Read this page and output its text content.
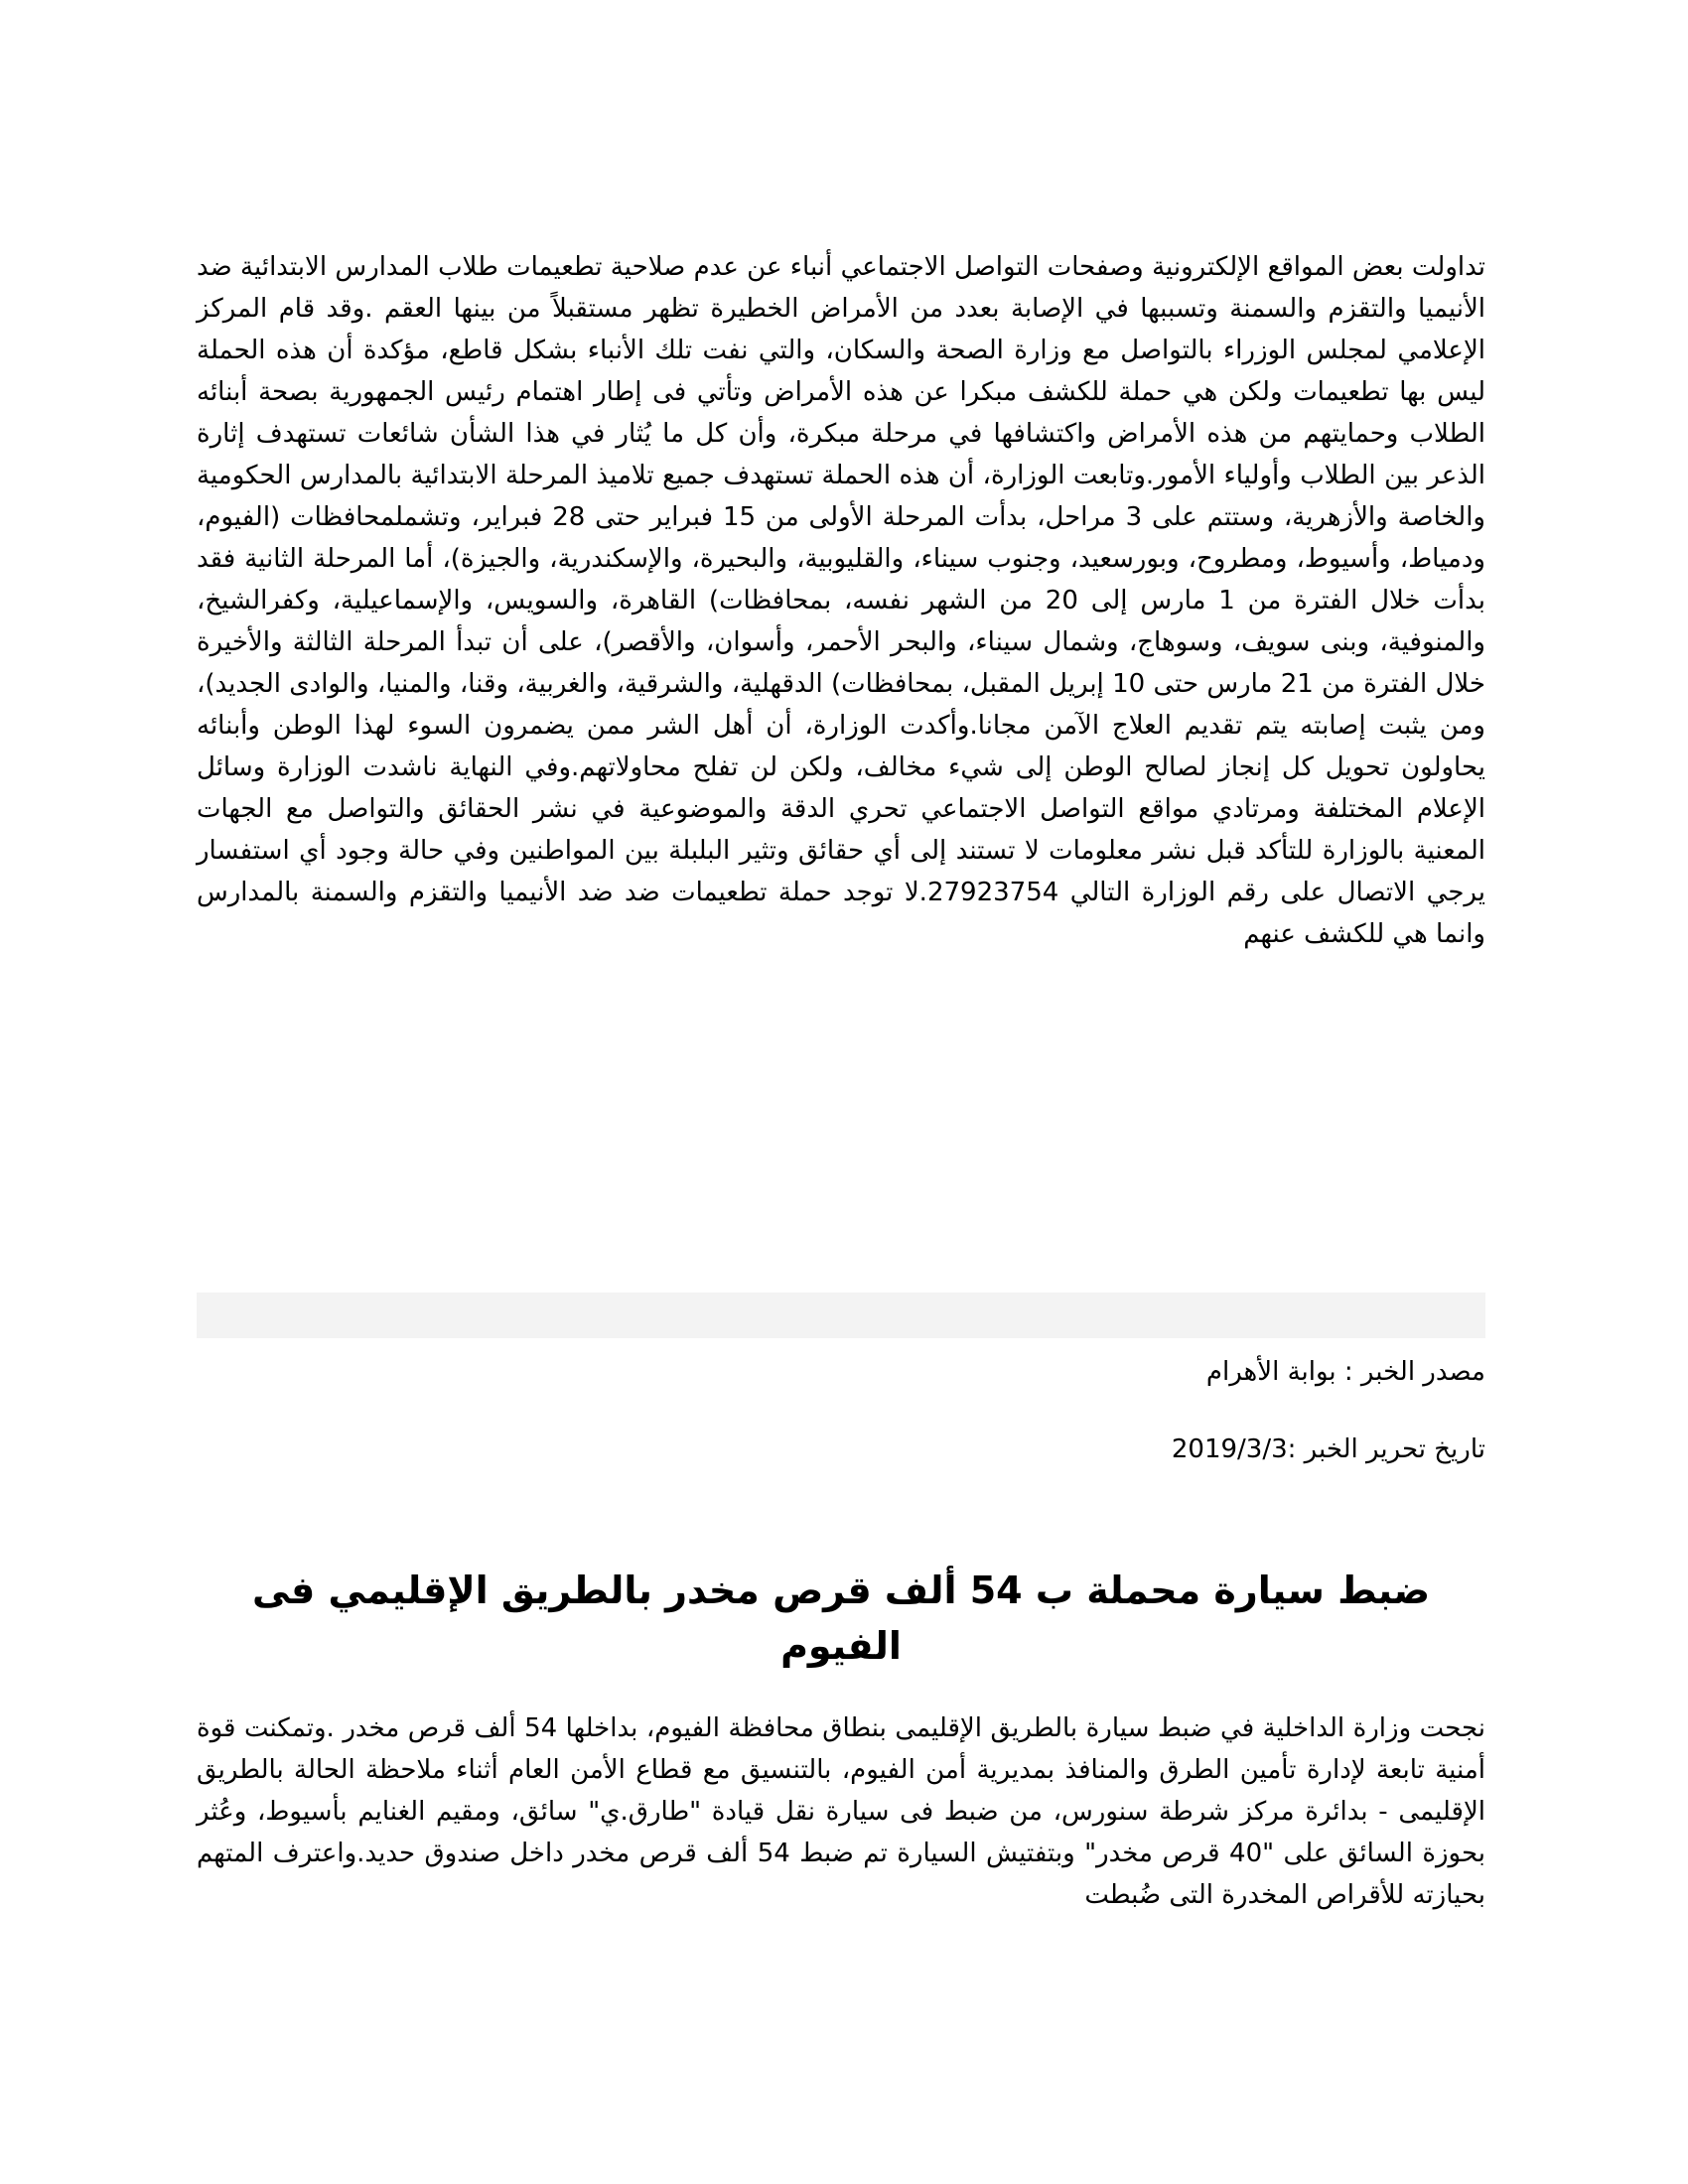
تداولت بعض المواقع الإلكترونية وصفحات التواصل الاجتماعي أنباء عن عدم صلاحية تطعيمات طلاب المدارس الابتدائية ضد الأنيميا والتقزم والسمنة وتسببها في الإصابة بعدد من الأمراض الخطيرة تظهر مستقبلاً من بينها العقم .وقد قام المركز الإعلامي لمجلس الوزراء بالتواصل مع وزارة الصحة والسكان، والتي نفت تلك الأنباء بشكل قاطع، مؤكدة أن هذه الحملة ليس بها تطعيمات ولكن هي حملة للكشف مبكرا عن هذه الأمراض وتأتي فى إطار اهتمام رئيس الجمهورية بصحة أبنائه الطلاب وحمايتهم من هذه الأمراض واكتشافها في مرحلة مبكرة، وأن كل ما يُثار في هذا الشأن شائعات تستهدف إثارة الذعر بين الطلاب وأولياء الأمور.وتابعت الوزارة، أن هذه الحملة تستهدف جميع تلاميذ المرحلة الابتدائية بالمدارس الحكومية والخاصة والأزهرية، وستتم على 3 مراحل، بدأت المرحلة الأولى من 15 فبراير حتى 28 فبراير، وتشملمحافظات (الفيوم، ودمياط، وأسيوط، ومطروح، وبورسعيد، وجنوب سيناء، والقليوبية، والبحيرة، والإسكندرية، والجيزة)، أما المرحلة الثانية فقد بدأت خلال الفترة من 1 مارس إلى 20 من الشهر نفسه، بمحافظات) القاهرة، والسويس، والإسماعيلية، وكفرالشيخ، والمنوفية، وبنى سويف، وسوهاج، وشمال سيناء، والبحر الأحمر، وأسوان، والأقصر)، على أن تبدأ المرحلة الثالثة والأخيرة خلال الفترة من 21 مارس حتى 10 إبريل المقبل، بمحافظات) الدقهلية، والشرقية، والغربية، وقنا، والمنيا، والوادى الجديد)، ومن يثبت إصابته يتم تقديم العلاج الآمن مجانا.وأكدت الوزارة، أن أهل الشر ممن يضمرون السوء لهذا الوطن وأبنائه يحاولون تحويل كل إنجاز لصالح الوطن إلى شيء مخالف، ولكن لن تفلح محاولاتهم.وفي النهاية ناشدت الوزارة وسائل الإعلام المختلفة ومرتادي مواقع التواصل الاجتماعي تحري الدقة والموضوعية في نشر الحقائق والتواصل مع الجهات المعنية بالوزارة للتأكد قبل نشر معلومات لا تستند إلى أي حقائق وتثير البلبلة بين المواطنين وفي حالة وجود أي استفسار يرجي الاتصال على رقم الوزارة التالي 27923754.لا توجد حملة تطعيمات ضد ضد الأنيميا والتقزم والسمنة بالمدارس وانما هي للكشف عنهم

مصدر الخبر : بوابة الأهرام

تاريخ تحرير الخبر :2019/3/3

ضبط سيارة محملة ب 54 ألف قرص مخدر بالطريق الإقليمي فى الفيوم

نجحت وزارة الداخلية في ضبط سيارة بالطريق الإقليمى بنطاق محافظة الفيوم، بداخلها 54 ألف قرص مخدر .وتمكنت قوة أمنية تابعة لإدارة تأمين الطرق والمنافذ بمديرية أمن الفيوم، بالتنسيق مع قطاع الأمن العام أثناء ملاحظة الحالة بالطريق الإقليمى - بدائرة مركز شرطة سنورس، من ضبط فى سيارة نقل قيادة "طارق.ي" سائق، ومقيم الغنايم بأسيوط، وعُثر بحوزة السائق على "40 قرص مخدر" وبتفتيش السيارة تم ضبط 54 ألف قرص مخدر داخل صندوق حديد.واعترف المتهم بحيازته للأقراص المخدرة التى ضُبطت
